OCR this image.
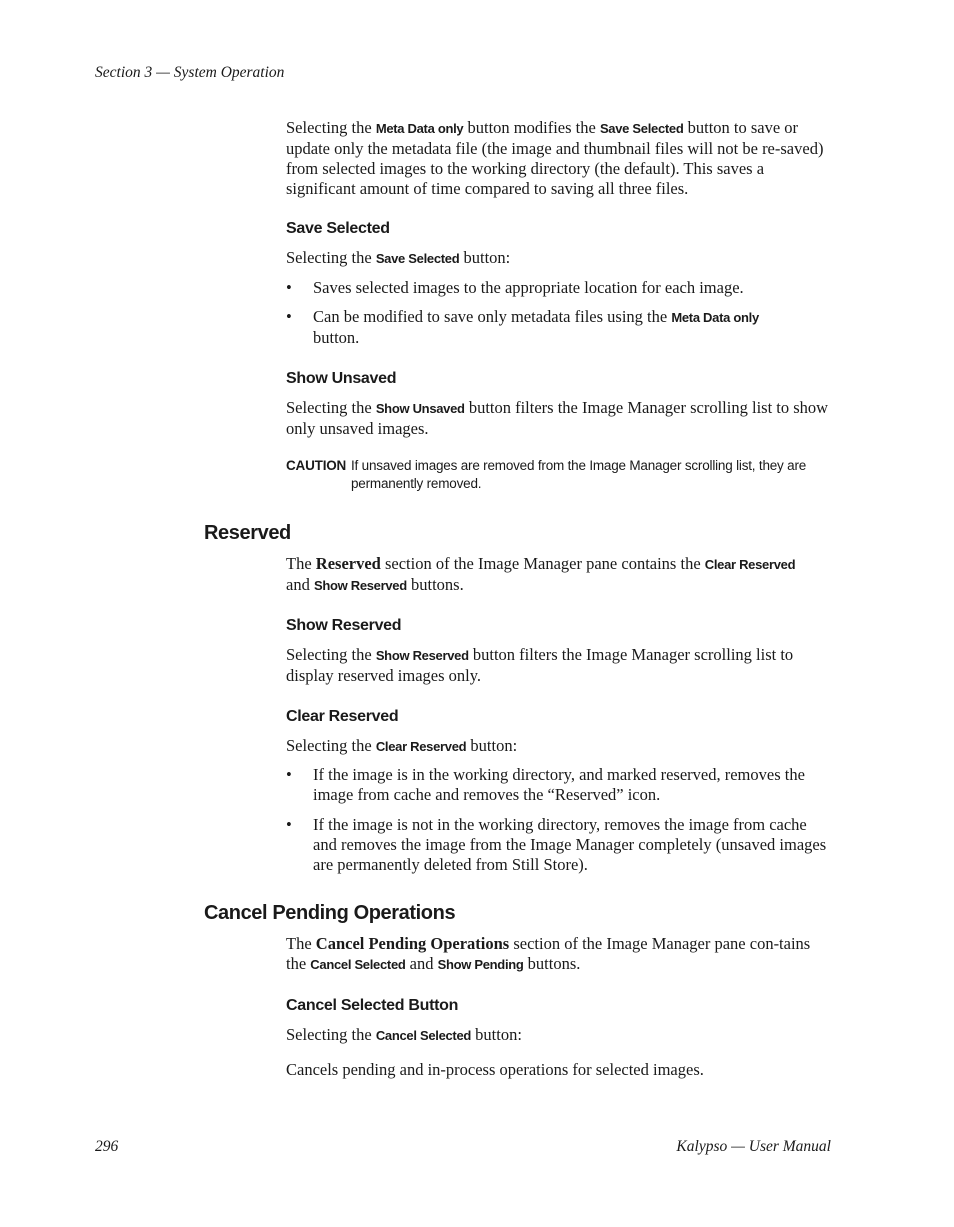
Section 3 — System Operation

Selecting the Meta Data only button modifies the Save Selected button to save or update only the metadata file (the image and thumbnail files will not be re-saved) from selected images to the working directory (the default). This saves a significant amount of time compared to saving all three files.

Save Selected

Selecting the Save Selected button:

• Saves selected images to the appropriate location for each image.
• Can be modified to save only metadata files using the Meta Data only
button.
Show Unsaved

Selecting the Show Unsaved button filters the Image Manager scrolling list to show only unsaved images.

CAUTION If unsaved images are removed from the Image Manager scrolling list, they are permanently removed.
Reserved

The Reserved section of the Image Manager pane contains the Clear Reserved
and Show Reserved buttons.

Show Reserved

Selecting the Show Reserved button filters the Image Manager scrolling list to display reserved images only.

Clear Reserved

Selecting the Clear Reserved button:

• If the image is in the working directory, and marked reserved, removes the image from cache and removes the “Reserved” icon.
• If the image is not in the working directory, removes the image from cache and removes the image from the Image Manager completely (unsaved images are permanently deleted from Still Store).
Cancel Pending Operations

The Cancel Pending Operations section of the Image Manager pane con-tains the Cancel Selected and Show Pending buttons.

Cancel Selected Button

Selecting the Cancel Selected button:

Cancels pending and in-process operations for selected images.

296	Kalypso — User Manual
